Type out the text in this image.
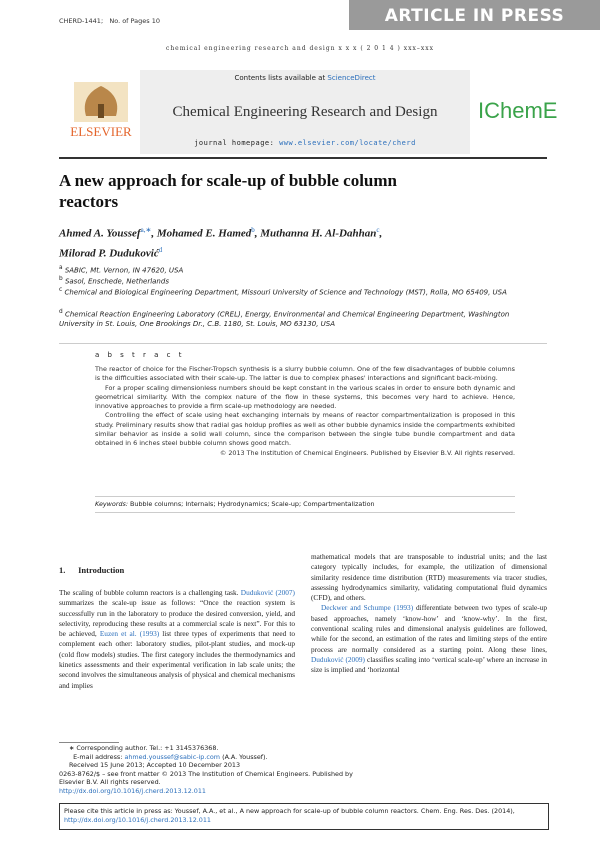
ARTICLE IN PRESS
CHERD-1441; No. of Pages 10
chemical engineering research and design x x x ( 2 0 1 4 ) xxx–xxx
ELSEVIER
Contents lists available at ScienceDirect
Chemical Engineering Research and Design
journal homepage: www.elsevier.com/locate/cherd
IChemE
A new approach for scale-up of bubble column reactors
Ahmed A. Youssef$^{a,∗}$, Mohamed E. Hamed$^b$, Muthanna H. Al-Dahhan$^c$,
Milorad P. Duduković$^d$
$^a$ SABIC, Mt. Vernon, IN 47620, USA
$^b$ Sasol, Enschede, Netherlands
$^c$ Chemical and Biological Engineering Department, Missouri University of Science and Technology (MST), Rolla, MO 65409, USA
$^d$ Chemical Reaction Engineering Laboratory (CREL), Energy, Environmental and Chemical Engineering Department, Washington University in St. Louis, One Brookings Dr., C.B. 1180, St. Louis, MO 63130, USA
a b s t r a c t

The reactor of choice for the Fischer-Tropsch synthesis is a slurry bubble column. One of the few disadvantages of bubble columns is the difficulties associated with their scale-up. The latter is due to complex phases' interactions and significant back-mixing.

For a proper scaling dimensionless numbers should be kept constant in the various scales in order to ensure both dynamic and geometrical similarity. With the complex nature of the flow in these systems, this becomes very hard to achieve. Hence, innovative approaches to provide a firm scale-up methodology are needed.

Controlling the effect of scale using heat exchanging internals by means of reactor compartmentalization is proposed in this study. Preliminary results show that radial gas holdup profiles as well as other bubble dynamics inside the compartments exhibited similar behavior as inside a solid wall column, since the comparison between the single tube bundle compartment and data obtained in 6 inches steel bubble column shows good match.

© 2013 The Institution of Chemical Engineers. Published by Elsevier B.V. All rights reserved.
Keywords: Bubble columns; Internals; Hydrodynamics; Scale-up; Compartmentalization
1. Introduction
The scaling of bubble column reactors is a challenging task. Duduković (2007) summarizes the scale-up issue as follows: “Once the reaction system is successfully run in the laboratory to produce the desired conversion, yield, and selectivity, reproducing these results at a commercial scale is next”. For this to be achieved, Euzen et al. (1993) list three types of experiments that need to complement each other: laboratory studies, pilot-plant studies, and mock-up (cold flow models) studies. The first category includes the thermodynamics and kinetics assessments and their experimental verification in lab scale units; the second involves the simultaneous analysis of physical and chemical mechanisms and implies

mathematical models that are transposable to industrial units; and the last category typically includes, for example, the utilization of dimensional similarity residence time distribution (RTD) measurements via tracer studies, assessing hydrodynamics similarity, validating computational fluid dynamics (CFD), and others.

Deckwer and Schumpe (1993) differentiate between two types of scale-up based approaches, namely ‘know-how’ and ‘know-why’. In the first, conventional scaling rules and dimensional analysis guidelines are followed, while for the second, an estimation of the rates and limiting steps of the entire process are normally considered as a starting point. Along these lines, Duduković (2009) classifies scaling into ‘vertical scale-up’ where an increase in size is implied and ‘horizontal

∗ Corresponding author. Tel.: +1 3145376368.
E-mail address: ahmed.youssef@sabic-ip.com (A.A. Youssef).
Received 15 June 2013; Accepted 10 December 2013
0263-8762/$ – see front matter © 2013 The Institution of Chemical Engineers. Published by Elsevier B.V. All rights reserved.
http://dx.doi.org/10.1016/j.cherd.2013.12.011
Please cite this article in press as: Youssef, A.A., et al., A new approach for scale-up of bubble column reactors. Chem. Eng. Res. Des. (2014),
http://dx.doi.org/10.1016/j.cherd.2013.12.011
